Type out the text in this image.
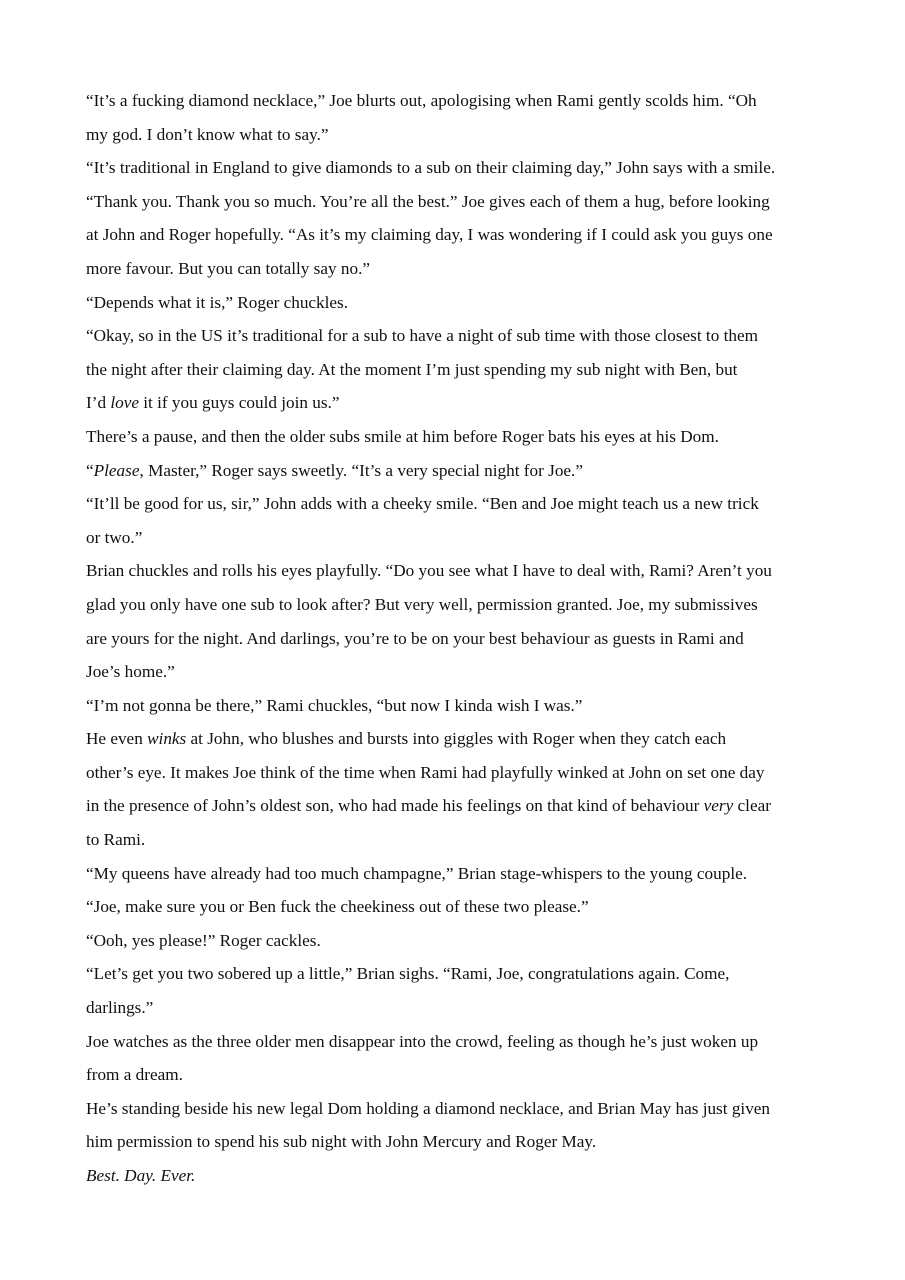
“It’s a fucking diamond necklace,” Joe blurts out, apologising when Rami gently scolds him. “Oh
my god. I don’t know what to say.”
“It’s traditional in England to give diamonds to a sub on their claiming day,” John says with a smile.
“Thank you. Thank you so much. You’re all the best.” Joe gives each of them a hug, before looking
at John and Roger hopefully. “As it’s my claiming day, I was wondering if I could ask you guys one
more favour. But you can totally say no.”
“Depends what it is,” Roger chuckles.
“Okay, so in the US it’s traditional for a sub to have a night of sub time with those closest to them
the night after their claiming day. At the moment I’m just spending my sub night with Ben, but
I’d love it if you guys could join us.”
There’s a pause, and then the older subs smile at him before Roger bats his eyes at his Dom.
“Please, Master,” Roger says sweetly. “It’s a very special night for Joe.”
“It’ll be good for us, sir,” John adds with a cheeky smile. “Ben and Joe might teach us a new trick
or two.”
Brian chuckles and rolls his eyes playfully. “Do you see what I have to deal with, Rami? Aren’t you
glad you only have one sub to look after? But very well, permission granted. Joe, my submissives
are yours for the night. And darlings, you’re to be on your best behaviour as guests in Rami and
Joe’s home.”
“I’m not gonna be there,” Rami chuckles, “but now I kinda wish I was.”
He even winks at John, who blushes and bursts into giggles with Roger when they catch each
other’s eye. It makes Joe think of the time when Rami had playfully winked at John on set one day
in the presence of John’s oldest son, who had made his feelings on that kind of behaviour very clear
to Rami.
“My queens have already had too much champagne,” Brian stage-whispers to the young couple.
“Joe, make sure you or Ben fuck the cheekiness out of these two please.”
“Ooh, yes please!” Roger cackles.
“Let’s get you two sobered up a little,” Brian sighs. “Rami, Joe, congratulations again. Come,
darlings.”
Joe watches as the three older men disappear into the crowd, feeling as though he’s just woken up
from a dream.
He’s standing beside his new legal Dom holding a diamond necklace, and Brian May has just given
him permission to spend his sub night with John Mercury and Roger May.
Best. Day. Ever.
